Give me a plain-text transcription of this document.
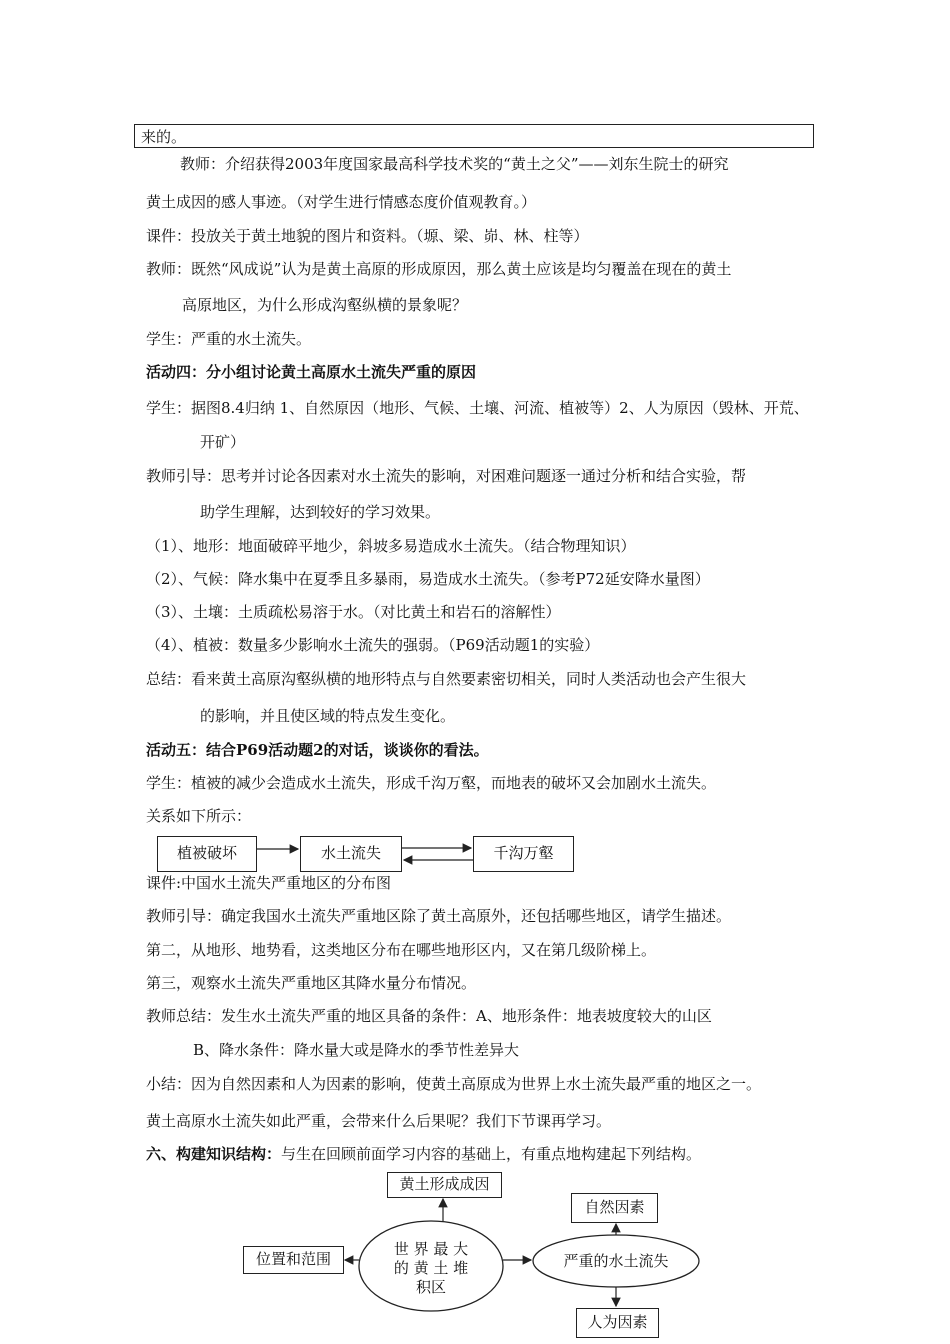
来的。
教师：介绍获得2003年度国家最高科学技术奖的“黄土之父”——刘东生院士的研究
黄土成因的感人事迹。（对学生进行情感态度价值观教育。）
课件：投放关于黄土地貌的图片和资料。（塬、梁、峁、林、柱等）
教师：既然“风成说”认为是黄土高原的形成原因，那么黄土应该是均匀覆盖在现在的黄土
高原地区，为什么形成沟壑纵横的景象呢？
学生：严重的水土流失。
活动四：分小组讨论黄土高原水土流失严重的原因
学生：据图8.4归纳 1、自然原因（地形、气候、土壤、河流、植被等）2、人为原因（毁林、开荒、
开矿）
教师引导：思考并讨论各因素对水土流失的影响，对困难问题逐一通过分析和结合实验，帮
助学生理解，达到较好的学习效果。
（1）、地形：地面破碎平地少，斜坡多易造成水土流失。（结合物理知识）
（2）、气候：降水集中在夏季且多暴雨，易造成水土流失。（参考P72延安降水量图）
（3）、土壤：土质疏松易溶于水。（对比黄土和岩石的溶解性）
（4）、植被：数量多少影响水土流失的强弱。（P69活动题1的实验）
总结：看来黄土高原沟壑纵横的地形特点与自然要素密切相关，同时人类活动也会产生很大
的影响，并且使区域的特点发生变化。
活动五：结合P69活动题2的对话，谈谈你的看法。
学生：植被的减少会造成水土流失，形成千沟万壑，而地表的破坏又会加剧水土流失。
关系如下所示：
植被破坏	水土流失	千沟万壑
课件:中国水土流失严重地区的分布图
教师引导：确定我国水土流失严重地区除了黄土高原外，还包括哪些地区，请学生描述。
第二，从地形、地势看，这类地区分布在哪些地形区内，又在第几级阶梯上。
第三，观察水土流失严重地区其降水量分布情况。
教师总结：发生水土流失严重的地区具备的条件：A、地形条件：地表坡度较大的山区
B、降水条件：降水量大或是降水的季节性差异大
小结：因为自然因素和人为因素的影响，使黄土高原成为世界上水土流失最严重的地区之一。
黄土高原水土流失如此严重，会带来什么后果呢？我们下节课再学习。
六、构建知识结构：与生在回顾前面学习内容的基础上，有重点地构建起下列结构。
黄土形成成因
位置和范围
自然因素
人为因素
世 界 最 大
的 黄 土 堆
积区
严重的水土流失
